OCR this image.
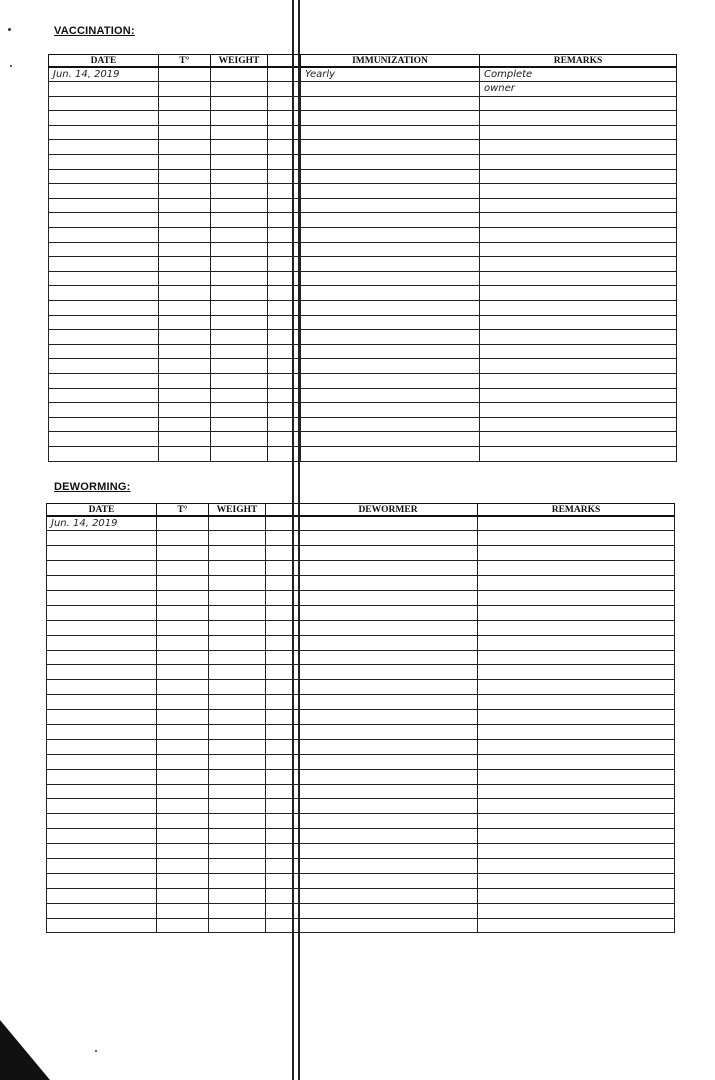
VACCINATION:
DATE	T°	WEIGHT		IMMUNIZATION	REMARKS
Jun. 14, 2019				Yearly	Complete
					owner

DEWORMING:
DATE	T°	WEIGHT		DEWORMER	REMARKS
Jun. 14, 2019					
